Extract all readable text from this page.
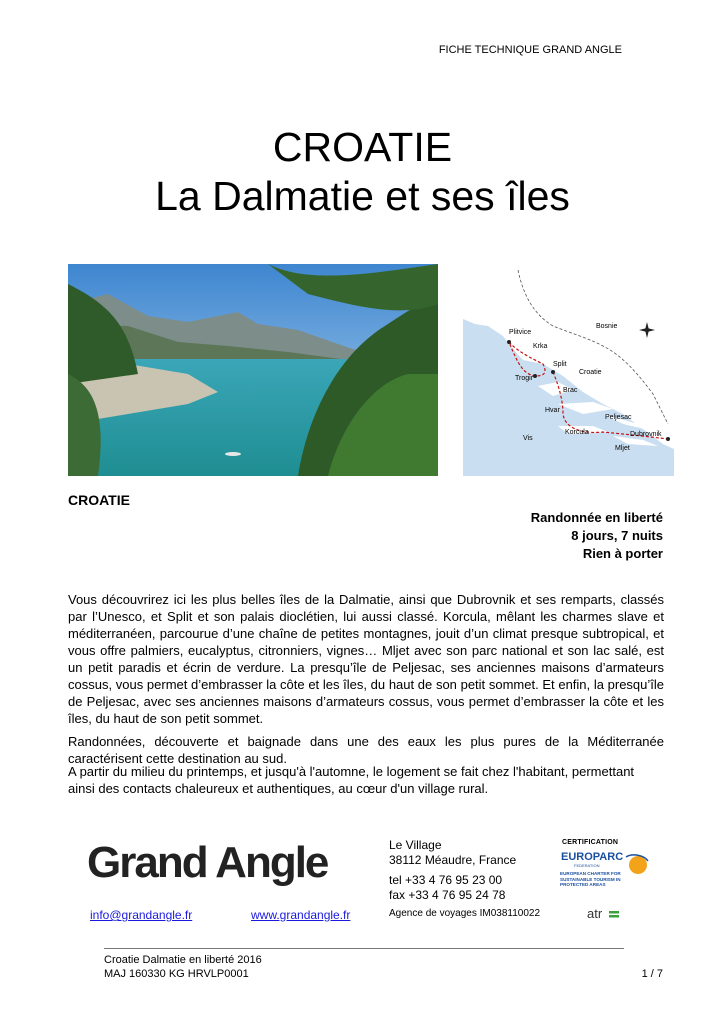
FICHE TECHNIQUE GRAND ANGLE
CROATIE
La Dalmatie et ses îles
Plitvice
Bosnie
Krka
Trogir
Split
Croatie
Brac
Hvar
Peljesac
Vis
Korcula	Dubrovnik
Mljet
CROATIE
Randonnée en liberté
8 jours, 7 nuits
Rien à porter
Vous découvrirez ici les plus belles îles de la Dalmatie, ainsi que Dubrovnik et ses remparts, classés par l’Unesco, et Split et son palais dioclétien, lui aussi classé. Korcula, mêlant les charmes slave et méditerranéen, parcourue d’une chaîne de petites montagnes, jouit d’un climat presque subtropical, et vous offre palmiers, eucalyptus, citronniers, vignes… Mljet avec son parc national et son lac salé, est un petit paradis et écrin de verdure. La presqu’île de Peljesac, ses anciennes maisons d’armateurs cossus, vous permet d’embrasser la côte et les îles, du haut de son petit sommet. Et enfin, la presqu’île de Peljesac, avec ses anciennes maisons d’armateurs cossus, vous permet d’embrasser la côte et les îles, du haut de son petit sommet.
Randonnées, découverte et baignade dans une des eaux les plus pures de la Méditerranée caractérisent cette destination au sud.
A partir du milieu du printemps, et jusqu'à l'automne, le logement se fait chez l'habitant, permettant ainsi des contacts chaleureux et authentiques, au cœur d'un village rural.
Grand Angle	Le Village
38112 Méaudre, France
tel +33 4 76 95 23 00
fax +33 4 76 95 24 78
Agence de voyages IM038110022
info@grandangle.fr	www.grandangle.fr
CERTIFICATION
EUROPARC
FEDERATION
EUROPEAN CHARTER FOR SUSTAINABLE TOURISM IN PROTECTED AREAS
atr
Croatie Dalmatie en liberté 2016
MAJ 160330 KG HRVLP0001	1 / 7
